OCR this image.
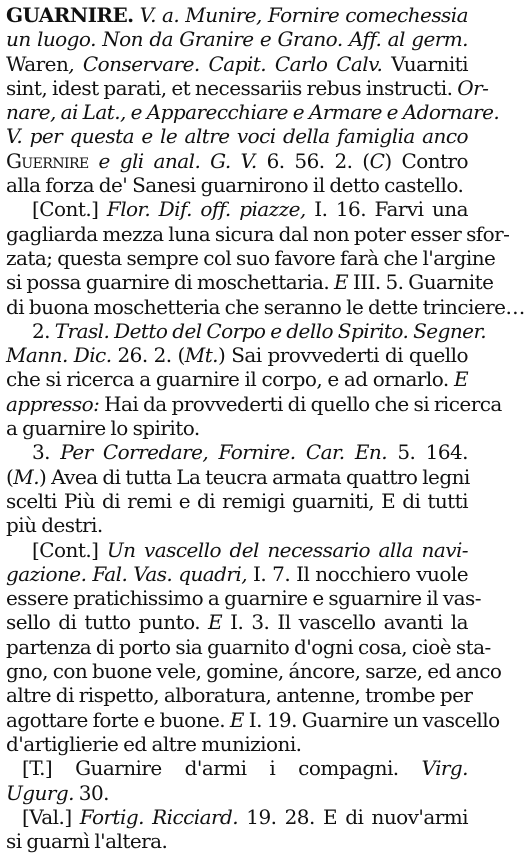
GUARNIRE. V. a. Munire, Fornire comechessia
un luogo. Non da Granire e Grano. Aff. al germ.
Waren, Conservare. Capit. Carlo Calv. Vuarniti
sint, idest parati, et necessariis rebus instructi. Or-
nare, ai Lat., e Apparecchiare e Armare e Adornare.
V. per questa e le altre voci della famiglia anco
Guernire e gli anal. G. V. 6. 56. 2. (C) Contro
alla forza de' Sanesi guarnirono il detto castello.
[Cont.] Flor. Dif. off. piazze, I. 16. Farvi una
gagliarda mezza luna sicura dal non poter esser sfor-
zata; questa sempre col suo favore farà che l'argine
si possa guarnire di moschettaria. E III. 5. Guarnite
di buona moschetteria che seranno le dette trinciere…
2. Trasl. Detto del Corpo e dello Spirito. Segner.
Mann. Dic. 26. 2. (Mt.) Sai provvederti di quello
che si ricerca a guarnire il corpo, e ad ornarlo. E
appresso: Hai da provvederti di quello che si ricerca
a guarnire lo spirito.
3. Per Corredare, Fornire. Car. En. 5. 164.
(M.) Avea di tutta La teucra armata quattro legni
scelti Più di remi e di remigi guarniti, E di tutti
più destri.
[Cont.] Un vascello del necessario alla navi-
gazione. Fal. Vas. quadri, I. 7. Il nocchiero vuole
essere pratichissimo a guarnire e sguarnire il vas-
sello di tutto punto. E I. 3. Il vascello avanti la
partenza di porto sia guarnito d'ogni cosa, cioè sta-
gno, con buone vele, gomine, áncore, sarze, ed anco
altre di rispetto, alboratura, antenne, trombe per
agottare forte e buone. E I. 19. Guarnire un vascello
d'artiglierie ed altre munizioni.
[T.] Guarnire d'armi i compagni. Virg.
Ugurg. 30.
[Val.] Fortig. Ricciard. 19. 28. E di nuov'armi
si guarnì l'altera.
